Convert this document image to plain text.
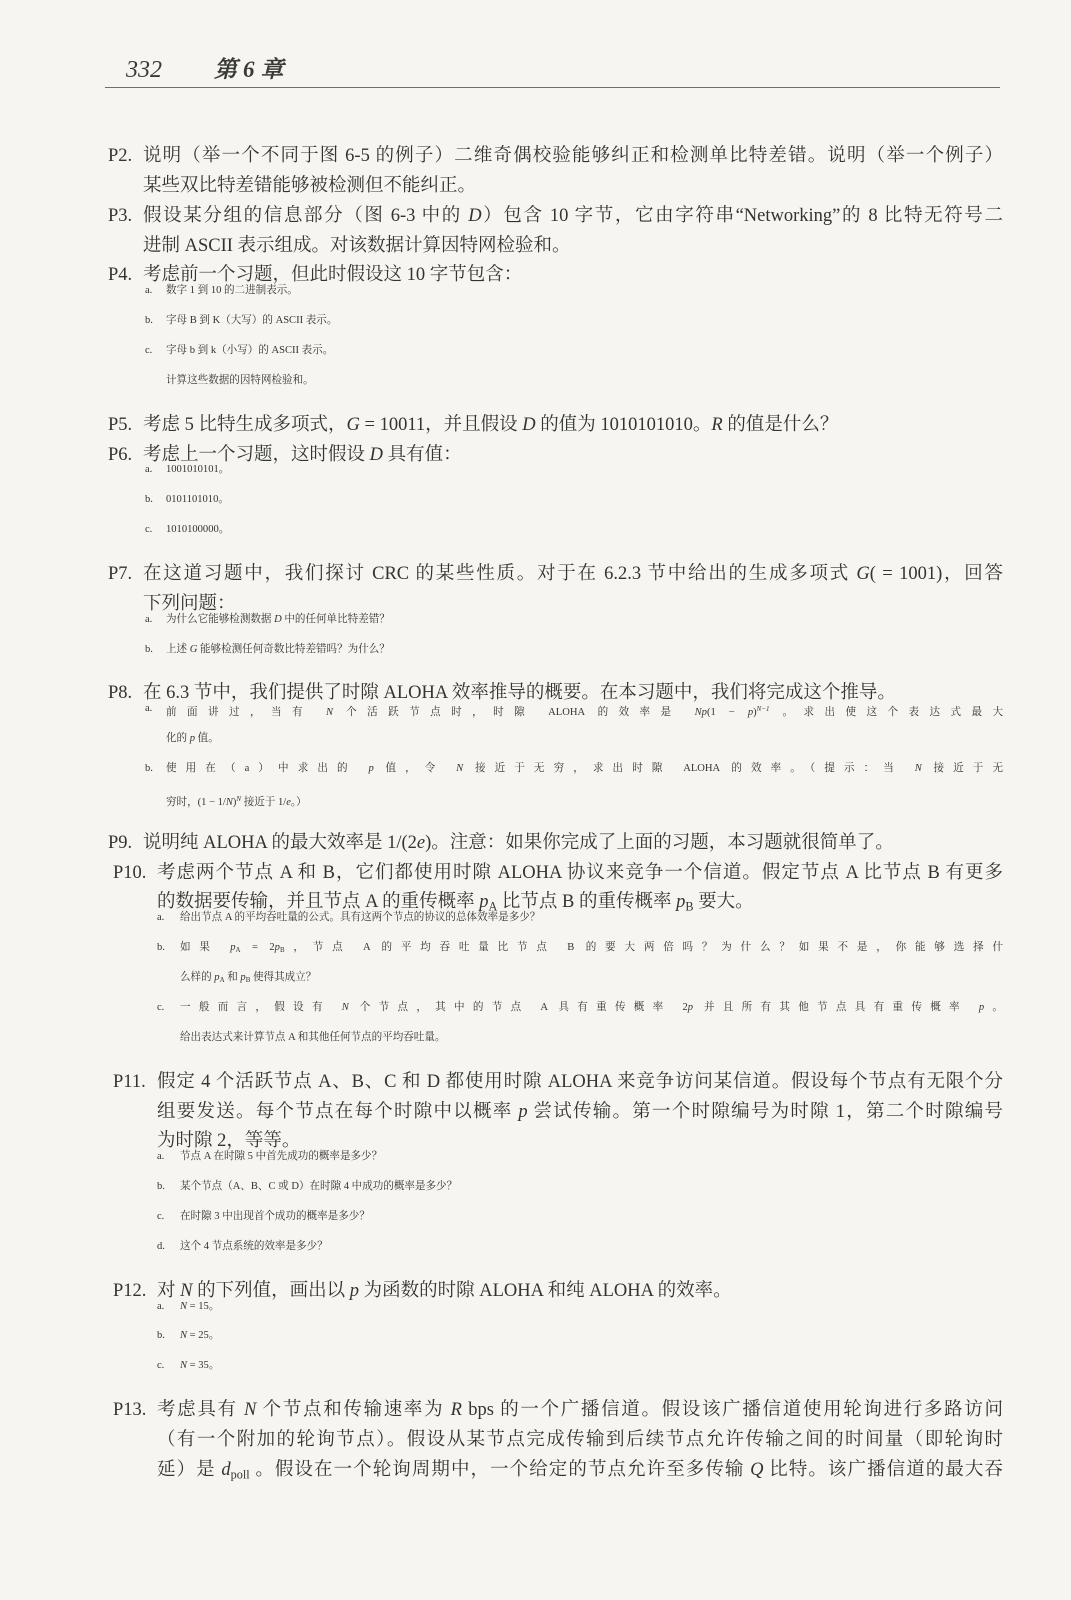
332 第6章
P2. 说明（举一个不同于图 6-5 的例子）二维奇偶校验能够纠正和检测单比特差错。说明（举一个例子）
某些双比特差错能够被检测但不能纠正。
P3. 假设某分组的信息部分（图 6-3 中的 D）包含 10 字节，它由字符串“Networking”的 8 比特无符号二
进制 ASCII 表示组成。对该数据计算因特网检验和。
P4. 考虑前一个习题，但此时假设这 10 字节包含：
a. 数字 1 到 10 的二进制表示。
b. 字母 B 到 K（大写）的 ASCII 表示。
c. 字母 b 到 k（小写）的 ASCII 表示。
计算这些数据的因特网检验和。
P5. 考虑 5 比特生成多项式，G = 10011，并且假设 D 的值为 1010101010。R 的值是什么？
P6. 考虑上一个习题，这时假设 D 具有值：
a. 1001010101。
b. 0101101010。
c. 1010100000。
P7. 在这道习题中，我们探讨 CRC 的某些性质。对于在 6.2.3 节中给出的生成多项式 G( = 1001)，回答
下列问题：
a. 为什么它能够检测数据 D 中的任何单比特差错？
b. 上述 G 能够检测任何奇数比特差错吗？为什么？
P8. 在 6.3 节中，我们提供了时隙 ALOHA 效率推导的概要。在本习题中，我们将完成这个推导。
a. 前面讲过，当有 N 个活跃节点时，时隙 ALOHA 的效率是 $Np(1 - p)^{N-1}$ 。求出使这个表达式最大
化的 p 值。
b. 使用在（a）中求出的 p 值，令 N 接近于无穷，求出时隙 ALOHA 的效率。（提示：当 N 接近于无
穷时，$(1 - 1/N)^N$ 接近于 1/e。）
P9. 说明纯 ALOHA 的最大效率是 1/(2e)。注意：如果你完成了上面的习题，本习题就很简单了。
P10. 考虑两个节点 A 和 B，它们都使用时隙 ALOHA 协议来竞争一个信道。假定节点 A 比节点 B 有更多
的数据要传输，并且节点 A 的重传概率 $p_A$ 比节点 B 的重传概率 $p_B$ 要大。
a. 给出节点 A 的平均吞吐量的公式。具有这两个节点的协议的总体效率是多少？
b. 如果 $p_A = 2p_B$，节点 A 的平均吞吐量比节点 B 的要大两倍吗？为什么？如果不是，你能够选择什
么样的 $p_A$ 和 $p_B$ 使得其成立？
c. 一般而言，假设有 N 个节点，其中的节点 A 具有重传概率 2p 并且所有其他节点具有重传概率 p。
给出表达式来计算节点 A 和其他任何节点的平均吞吐量。
P11. 假定 4 个活跃节点 A、B、C 和 D 都使用时隙 ALOHA 来竞争访问某信道。假设每个节点有无限个分
组要发送。每个节点在每个时隙中以概率 p 尝试传输。第一个时隙编号为时隙 1，第二个时隙编号
为时隙 2，等等。
a. 节点 A 在时隙 5 中首先成功的概率是多少？
b. 某个节点（A、B、C 或 D）在时隙 4 中成功的概率是多少？
c. 在时隙 3 中出现首个成功的概率是多少？
d. 这个 4 节点系统的效率是多少？
P12. 对 N 的下列值，画出以 p 为函数的时隙 ALOHA 和纯 ALOHA 的效率。
a. N = 15。
b. N = 25。
c. N = 35。
P13. 考虑具有 N 个节点和传输速率为 R bps 的一个广播信道。假设该广播信道使用轮询进行多路访问
（有一个附加的轮询节点）。假设从某节点完成传输到后续节点允许传输之间的时间量（即轮询时
延）是 $d_{poll}$ 。假设在一个轮询周期中，一个给定的节点允许至多传输 Q 比特。该广播信道的最大吞
